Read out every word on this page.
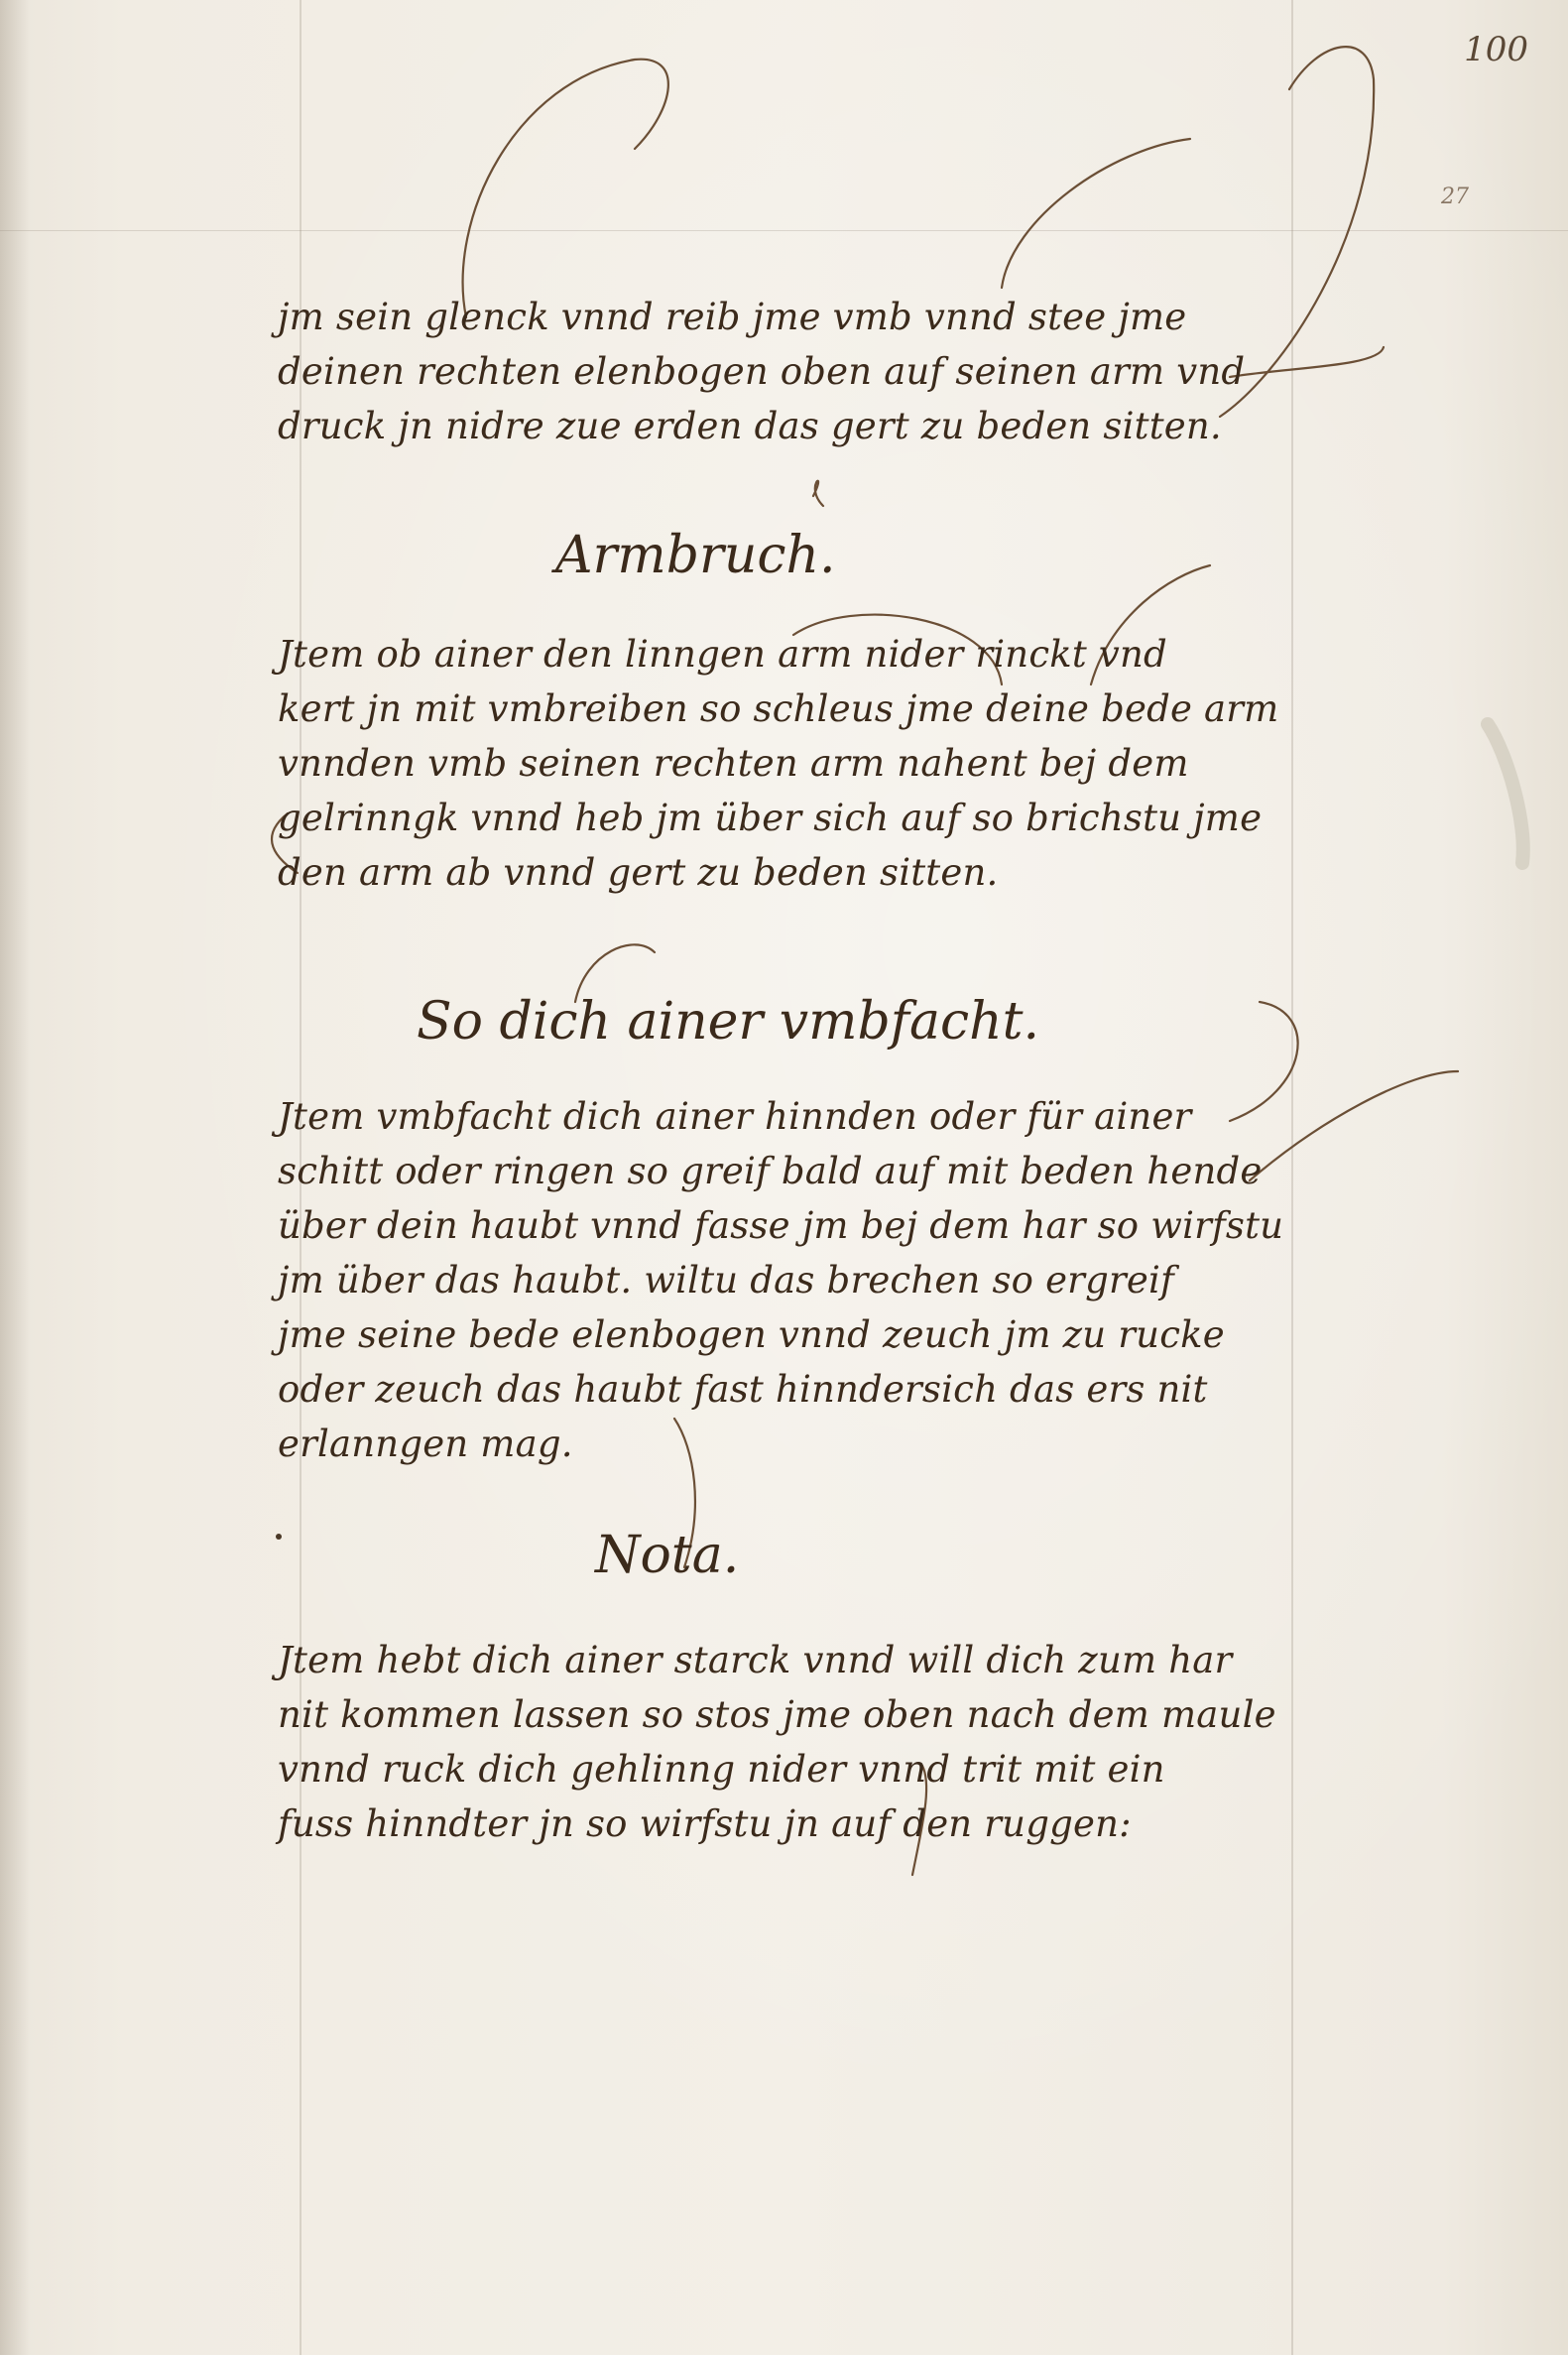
100
27
jm sein glenck vnnd reib jme vmb vnnd stee jme
deinen rechten elenbogen oben auf seinen arm vnd
druck jn nidre zue erden das gert zu beden sitten.
Armbruch.
Jtem ob ainer den linngen arm nider rinckt vnd
kert jn mit vmbreiben so schleus jme deine bede arm
vnnden vmb seinen rechten arm nahent bej dem
gelrinngk vnnd heb jm über sich auf so brichstu jme
den arm ab vnnd gert zu beden sitten.
So dich ainer vmbfacht.
Jtem vmbfacht dich ainer hinnden oder für ainer
schitt oder ringen so greif bald auf mit beden hende
über dein haubt vnnd fasse jm bej dem har so wirfstu
jm über das haubt. wiltu das brechen so ergreif
jme seine bede elenbogen vnnd zeuch jm zu rucke
oder zeuch das haubt fast hinndersich das ers nit
erlanngen mag.
Nota.
Jtem hebt dich ainer starck vnnd will dich zum har
nit kommen lassen so stos jme oben nach dem maule
vnnd ruck dich gehlinng nider vnnd trit mit ein
fuss hinndter jn so wirfstu jn auf den ruggen:
